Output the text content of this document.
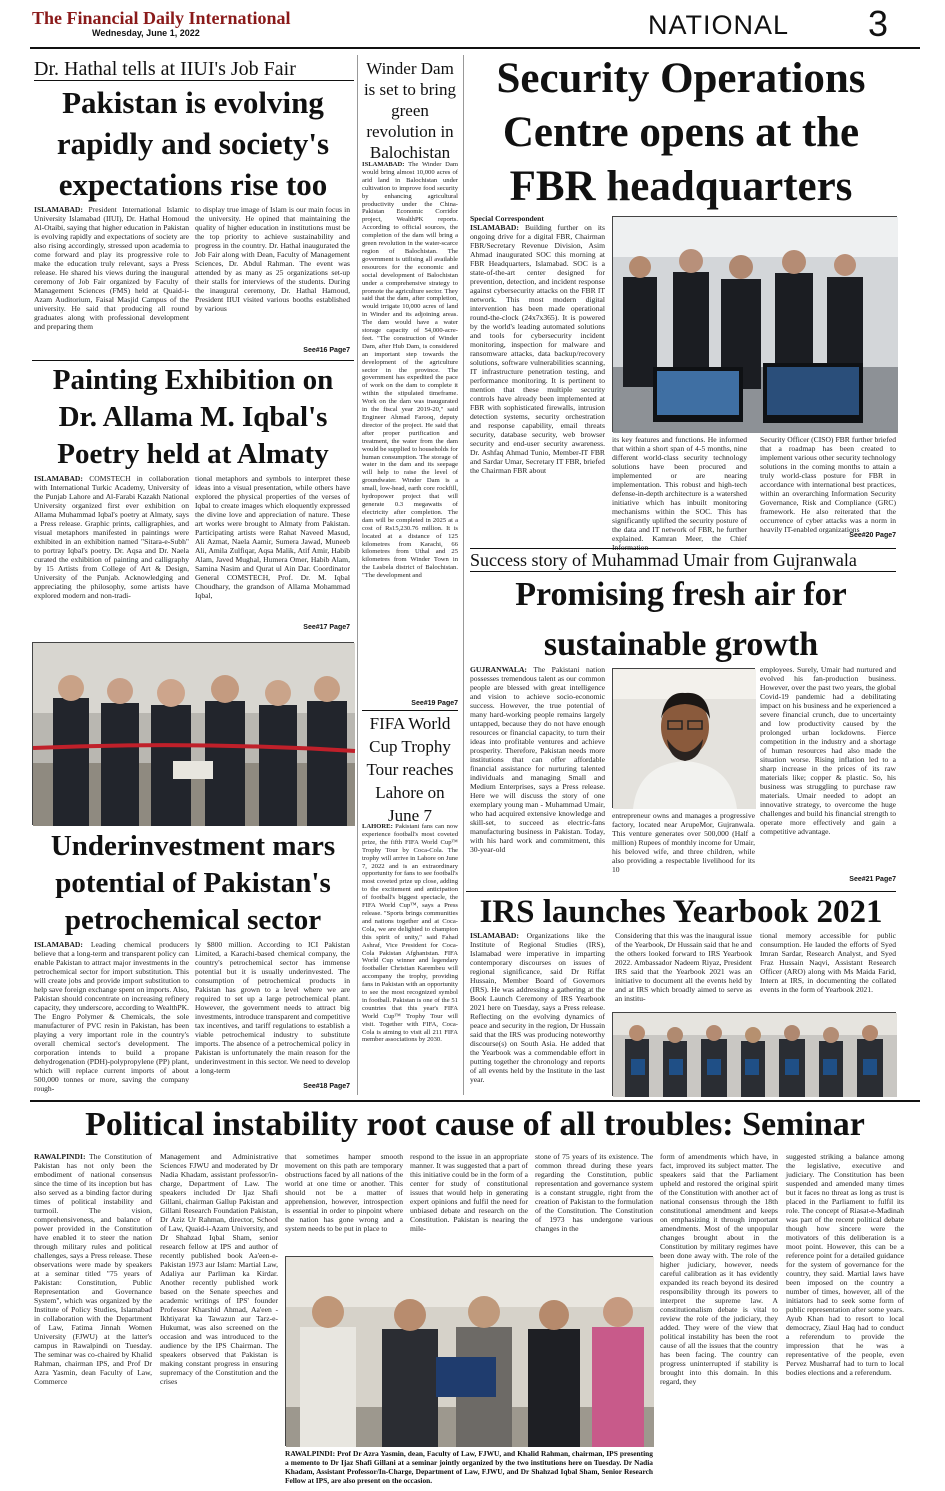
The Financial Daily International
Wednesday, June 1, 2022	NATIONAL 3
Dr. Hathal tells at IIUI's Job Fair
Pakistan is evolving rapidly and society's expectations rise too
ISLAMABAD: President International Islamic University Islamabad (IIUI), Dr. Hathal Homoud Al-Otaibi, saying that higher education in Pakistan is evolving rapidly and expectations of society are also rising accordingly, stressed upon academia to come forward and play its progressive role to make the education truly relevant, says a Press release. He shared his views during the inaugural ceremony of Job Fair organized by Faculty of Management Sciences (FMS) held at Quaid-i-Azam Auditorium, Faisal Masjid Campus of the university. He said that producing all round graduates along with professional development and preparing them
to display true image of Islam is our main focus in the university. He opined that maintaining the quality of higher education in institutions must be the top priority to achieve sustainability and progress in the country. Dr. Hathal inaugurated the Job Fair along with Dean, Faculty of Management Sciences, Dr. Abdul Rahman. The event was attended by as many as 25 organizations set-up their stalls for interviews of the students. During the inaugural ceremony, Dr. Hathal Hamoud, President IIUI visited various booths established by various
See#16 Page7
Painting Exhibition on Dr. Allama M. Iqbal's Poetry held at Almaty
ISLAMABAD: COMSTECH in collaboration with International Turkic Academy, University of the Punjab Lahore and Al-Farabi Kazakh National University organized first ever exhibition on Allama Muhammad Iqbal's poetry at Almaty, says a Press release. Graphic prints, calligraphies, and visual metaphors manifested in paintings were exhibited in an exhibition named "Sitara-e-Subh" to portray Iqbal's poetry. Dr. Aqsa and Dr. Naela curated the exhibition of painting and calligraphy by 15 Artists from College of Art & Design, University of the Punjab. Acknowledging and appreciating the philosophy, some artists have explored modern and non-tradi-
tional metaphors and symbols to interpret these ideas into a visual presentation, while others have explored the physical properties of the verses of Iqbal to create images which eloquently expressed the divine love and appreciation of nature. These art works were brought to Almaty from Pakistan. Participating artists were Rahat Naveed Masud, Ali Azmat, Naela Aamir, Sumera Jawad, Muneeb Ali, Amila Zulfiqar, Aqsa Malik, Atif Amir, Habib Alam, Javed Mughal, Humera Omer, Habib Alam, Samina Nasim and Qurat ul Ain Dar. Coordinator General COMSTECH, Prof. Dr. M. Iqbal Choudhary, the grandson of Allama Mohammad Iqbal,
See#17 Page7
Underinvestment mars potential of Pakistan's petrochemical sector
ISLAMABAD: Leading chemical producers believe that a long-term and transparent policy can enable Pakistan to attract major investments in the petrochemical sector for import substitution. This will create jobs and provide import substitution to help save foreign exchange spent on imports. Also, Pakistan should concentrate on increasing refinery capacity, they underscore, according to WealthPK. The Engro Polymer & Chemicals, the sole manufacturer of PVC resin in Pakistan, has been playing a very important role in the country's overall chemical sector's development. The corporation intends to build a propane dehydrogenation (PDH)-polypropylene (PP) plant, which will replace current imports of about 500,000 tonnes or more, saving the company rough-
ly $800 million. According to ICI Pakistan Limited, a Karachi-based chemical company, the country's petrochemical sector has immense potential but it is usually underinvested. The consumption of petrochemical products in Pakistan has grown to a level where we are required to set up a large petrochemical plant. However, the government needs to attract big investments, introduce transparent and competitive tax incentives, and tariff regulations to establish a viable petrochemical industry to substitute imports. The absence of a petrochemical policy in Pakistan is unfortunately the main reason for the underinvestment in this sector. We need to develop a long-term
See#18 Page7
Winder Dam is set to bring green revolution in Balochistan
ISLAMABAD: The Winder Dam would bring almost 10,000 acres of arid land in Balochistan under cultivation to improve food security by enhancing agricultural productivity under the China-Pakistan Economic Corridor project, WealthPK reports. According to official sources, the completion of the dam will bring a green revolution in the water-scarce region of Balochistan. The government is utilising all available resources for the economic and social development of Balochistan under a comprehensive strategy to promote the agriculture sector. They said that the dam, after completion, would irrigate 10,000 acres of land in Winder and its adjoining areas. The dam would have a water storage capacity of 54,000-acre-feet. "The construction of Winder Dam, after Hub Dam, is considered an important step towards the development of the agriculture sector in the province. The government has expedited the pace of work on the dam to complete it within the stipulated timeframe. Work on the dam was inaugurated in the fiscal year 2019-20," said Engineer Ahmad Farooq, deputy director of the project. He said that after proper purification and treatment, the water from the dam would be supplied to households for human consumption. The storage of water in the dam and its seepage will help to raise the level of groundwater. Winder Dam is a small, low-head, earth core rockfill, hydropower project that will generate 0.3 megawatts of electricity after completion. The dam will be completed in 2025 at a cost of Rs15,230.76 million. It is located at a distance of 125 kilometres from Karachi, 66 kilometres from Uthal and 25 kilometres from Winder Town in the Lasbela district of Balochistan. "The development and
See#19 Page7
FIFA World Cup Trophy Tour reaches Lahore on June 7
LAHORE: Pakistani fans can now experience football's most coveted prize, the fifth FIFA World Cup™ Trophy Tour by Coca-Cola. The trophy will arrive in Lahore on June 7, 2022 and is an extraordinary opportunity for fans to see football's most coveted prize up close, adding to the excitement and anticipation of football's biggest spectacle, the FIFA World Cup™, says a Press release. "Sports brings communities and nations together and at Coca-Cola, we are delighted to champion this spirit of unity," said Fahad Ashraf, Vice President for Coca-Cola Pakistan Afghanistan. FIFA World Cup winner and legendary footballer Christian Karembeu will accompany the trophy, providing fans in Pakistan with an opportunity to see the most recognized symbol in football. Pakistan is one of the 51 countries that this year's FIFA World Cup™ Trophy Tour will visit. Together with FIFA, Coca-Cola is aiming to visit all 211 FIFA member associations by 2030.
Security Operations Centre opens at the FBR headquarters
Special Correspondent
ISLAMABAD: Building further on its ongoing drive for a digital FBR, Chairman FBR/Secretary Revenue Division, Asim Ahmad inaugurated SOC this morning at FBR Headquarters, Islamabad. SOC is a state-of-the-art center designed for prevention, detection, and incident response against cybersecurity attacks on the FBR IT network. This most modern digital intervention has been made operational round-the-clock (24x7x365). It is powered by the world's leading automated solutions and tools for cybersecurity incident monitoring, inspection for malware and ransomware attacks, data backup/recovery solutions, software vulnerabilities scanning, IT infrastructure penetration testing, and performance monitoring. It is pertinent to mention that these multiple security controls have already been implemented at FBR with sophisticated firewalls, intrusion detection systems, security orchestration and response capability, email threats security, database security, web browser security and end-user security awareness. Dr. Ashfaq Ahmad Tunio, Member-IT FBR and Sardar Umar, Secretary IT FBR, briefed the Chairman FBR about
its key features and functions. He informed that within a short span of 4-5 months, nine different world-class security technology solutions have been procured and implemented or are nearing implementation. This robust and high-tech defense-in-depth architecture is a watershed initiative which has inbuilt monitoring mechanisms within the SOC. This has significantly uplifted the security posture of the data and IT network of FBR, he further explained. Kamran Meer, the Chief Information
Security Officer (CISO) FBR further briefed that a roadmap has been created to implement various other security technology solutions in the coming months to attain a truly world-class posture for FBR in accordance with international best practices, within an overarching Information Security Governance, Risk and Compliance (GRC) framework. He also reiterated that the occurrence of cyber attacks was a norm in heavily IT-enabled organizations
See#20 Page7
Success story of Muhammad Umair from Gujranwala
Promising fresh air for sustainable growth
GUJRANWALA: The Pakistani nation possesses tremendous talent as our common people are blessed with great intelligence and vision to achieve socio-economic success. However, the true potential of many hard-working people remains largely untapped, because they do not have enough resources or financial capacity, to turn their ideas into profitable ventures and achieve prosperity. Therefore, Pakistan needs more institutions that can offer affordable financial assistance for nurturing talented individuals and managing Small and Medium Enterprises, says a Press release. Here we will discuss the story of one exemplary young man - Muhammad Umair, who had acquired extensive knowledge and skill-set, to succeed as electric-fans manufacturing business in Pakistan. Today, with his hard work and commitment, this 30-year-old
entrepreneur owns and manages a progressive factory, located near ArupeMor, Gujranwala. This venture generates over 500,000 (Half a million) Rupees of monthly income for Umair, his beloved wife, and three children, while also providing a respectable livelihood for its 10
employees. Surely, Umair had nurtured and evolved his fan-production business. However, over the past two years, the global Covid-19 pandemic had a debilitating impact on his business and he experienced a severe financial crunch, due to uncertainty and low productivity caused by the prolonged urban lockdowns. Fierce competition in the industry and a shortage of human resources had also made the situation worse. Rising inflation led to a sharp increase in the prices of its raw materials like; copper & plastic. So, his business was struggling to purchase raw materials. Umair needed to adopt an innovative strategy, to overcome the huge challenges and build his financial strength to operate more effectively and gain a competitive advantage.
See#21 Page7
IRS launches Yearbook 2021
ISLAMABAD: Organizations like the Institute of Regional Studies (IRS), Islamabad were imperative in imparting contemporary discourses on issues of regional significance, said Dr Riffat Hussain, Member Board of Governors (IRS). He was addressing a gathering at the Book Launch Ceremony of IRS Yearbook 2021 here on Tuesday, says a Press release. Reflecting on the evolving dynamics of peace and security in the region, Dr Hussain said that the IRS was producing noteworthy discourse(s) on South Asia. He added that the Yearbook was a commendable effort in putting together the chronology and reports of all events held by the Institute in the last year.
Considering that this was the inaugural issue of the Yearbook, Dr Hussain said that he and the others looked forward to IRS Yearbook 2022. Ambassador Nadeem Riyaz, President IRS said that the Yearbook 2021 was an initiative to document all the events held by and at IRS which broadly aimed to serve as an institu-
tional memory accessible for public consumption. He lauded the efforts of Syed Imran Sardar, Research Analyst, and Syed Fraz Hussain Naqvi, Assistant Research Officer (ARO) along with Ms Maida Farid, Intern at IRS, in documenting the collated events in the form of Yearbook 2021.
Political instability root cause of all troubles: Seminar
RAWALPINDI: The Constitution of Pakistan has not only been the embodiment of national consensus since the time of its inception but has also served as a binding factor during times of political instability and turmoil. The vision, comprehensiveness, and balance of power provided in the Constitution have enabled it to steer the nation through military rules and political challenges, says a Press release. These observations were made by speakers at a seminar titled "75 years of Pakistan: Constitution, Public Representation and Governance System", which was organized by the Institute of Policy Studies, Islamabad in collaboration with the Department of Law, Fatima Jinnah Women University (FJWU) at the latter's campus in Rawalpindi on Tuesday. The seminar was co-chaired by Khalid Rahman, chairman IPS, and Prof Dr Azra Yasmin, dean Faculty of Law, Commerce
Management and Administrative Sciences FJWU and moderated by Dr Nadia Khadam, assistant professor/in-charge, Department of Law. The speakers included Dr Ijaz Shafi Gillani, chairman Gallup Pakistan and Gillani Research Foundation Pakistan, Dr Aziz Ur Rahman, director, School of Law, Quaid-i-Azam University, and Dr Shahzad Iqbal Sham, senior research fellow at IPS and author of recently published book Aa'een-e-Pakistan 1973 aur Islam: Martial Law, Adaliya aur Parliman ka Kirdar. Another recently published work based on the Senate speeches and academic writings of IPS' founder Professor Kharshid Ahmad, Aa'een - Ikhtiyarat ka Tawazun aur Tarz-e-Hukumat, was also screened on the occasion and was introduced to the audience by the IPS Chairman. The speakers observed that Pakistan is making constant progress in ensuring supremacy of the Constitution and the crises
that sometimes hamper smooth movement on this path are temporary obstructions faced by all nations of the world at one time or another. This should not be a matter of apprehension, however, introspection is essential in order to pinpoint where the nation has gone wrong and a system needs to be put in place to
respond to the issue in an appropriate manner. It was suggested that a part of this initiative could be in the form of a center for study of constitutional issues that would help in generating expert opinions and fulfil the need for unbiased debate and research on the Constitution. Pakistan is nearing the mile-
stone of 75 years of its existence. The common thread during these years regarding the Constitution, public representation and governance system is a constant struggle, right from the creation of Pakistan to the formulation of the Constitution. The Constitution of 1973 has undergone various changes in the
form of amendments which have, in fact, improved its subject matter. The speakers said that the Parliament upheld and restored the original spirit of the Constitution with another act of national consensus through the 18th constitutional amendment and keeps on emphasizing it through important amendments. Most of the unpopular changes brought about in the Constitution by military regimes have been done away with. The role of the higher judiciary, however, needs careful calibration as it has evidently expanded its reach beyond its desired responsibility through its powers to interpret the supreme law. A constitutionalism debate is vital to review the role of the judiciary, they added. They were of the view that political instability has been the root cause of all the issues that the country has been facing. The country can progress uninterrupted if stability is brought into this domain. In this regard, they
suggested striking a balance among the legislative, executive and judiciary. The Constitution has been suspended and amended many times but it faces no threat as long as trust is placed in the Parliament to fulfil its role. The concept of Riasat-e-Madinah was part of the recent political debate though how sincere were the motivators of this deliberation is a moot point. However, this can be a reference point for a detailed guidance for the system of governance for the country, they said. Martial laws have been imposed on the country a number of times, however, all of the initiators had to seek some form of public representation after some years. Ayub Khan had to resort to local democracy, Ziaul Haq had to conduct a referendum to provide the impression that he was a representative of the people, even Pervez Musharraf had to turn to local bodies elections and a referendum.
RAWALPINDI: Prof Dr Azra Yasmin, dean, Faculty of Law, FJWU, and Khalid Rahman, chairman, IPS presenting a memento to Dr Ijaz Shafi Gillani at a seminar jointly organized by the two institutions here on Tuesday. Dr Nadia Khadam, Assistant Professor/In-Charge, Department of Law, FJWU, and Dr Shahzad Iqbal Sham, Senior Research Fellow at IPS, are also present on the occasion.
